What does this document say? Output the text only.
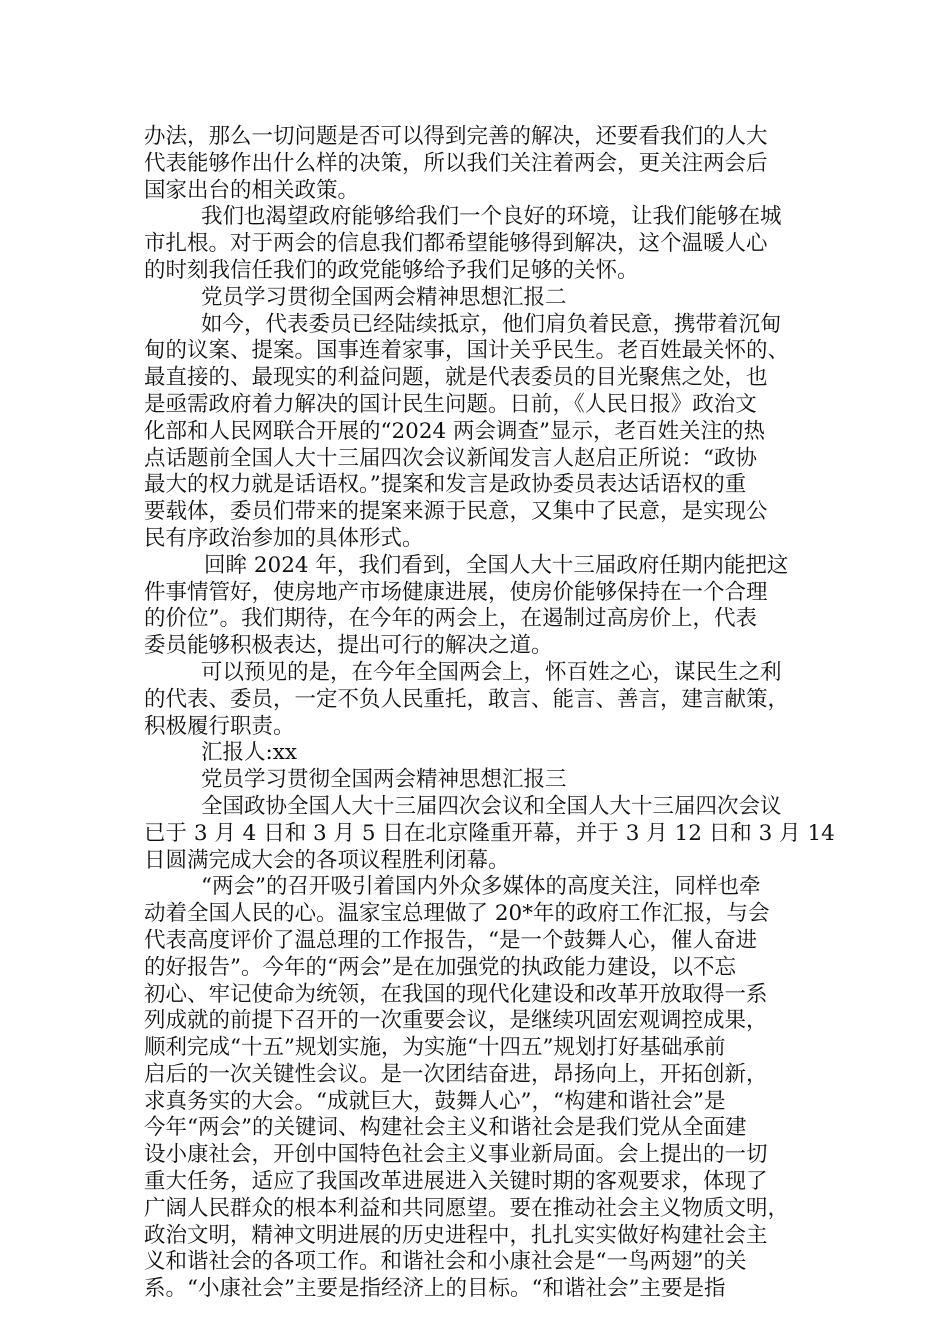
办法，那么一切问题是否可以得到完善的解决，还要看我们的人大
代表能够作出什么样的决策，所以我们关注着两会，更关注两会后
国家出台的相关政策。
我们也渴望政府能够给我们一个良好的环境，让我们能够在城
市扎根。对于两会的信息我们都希望能够得到解决，这个温暖人心
的时刻我信任我们的政党能够给予我们足够的关怀。
党员学习贯彻全国两会精神思想汇报二
如今，代表委员已经陆续抵京，他们肩负着民意，携带着沉甸
甸的议案、提案。国事连着家事，国计关乎民生。老百姓最关怀的、
最直接的、最现实的利益问题，就是代表委员的目光聚焦之处，也
是亟需政府着力解决的国计民生问题。日前，《人民日报》政治文
化部和人民网联合开展的“2024 两会调查”显示，老百姓关注的热
点话题前全国人大十三届四次会议新闻发言人赵启正所说：“政协
最大的权力就是话语权。”提案和发言是政协委员表达话语权的重
要载体，委员们带来的提案来源于民意，又集中了民意，是实现公
民有序政治参加的具体形式。
回眸 2024 年，我们看到，全国人大十三届政府任期内能把这
件事情管好，使房地产市场健康进展，使房价能够保持在一个合理
的价位”。我们期待，在今年的两会上，在遏制过高房价上，代表
委员能够积极表达，提出可行的解决之道。
可以预见的是，在今年全国两会上，怀百姓之心，谋民生之利
的代表、委员，一定不负人民重托，敢言、能言、善言，建言献策，
积极履行职责。
汇报人:xx
党员学习贯彻全国两会精神思想汇报三
全国政协全国人大十三届四次会议和全国人大十三届四次会议
已于 3 月 4 日和 3 月 5 日在北京隆重开幕，并于 3 月 12 日和 3 月 14
日圆满完成大会的各项议程胜利闭幕。
“两会”的召开吸引着国内外众多媒体的高度关注，同样也牵
动着全国人民的心。温家宝总理做了 20*年的政府工作汇报，与会
代表高度评价了温总理的工作报告，“是一个鼓舞人心，催人奋进
的好报告”。今年的“两会”是在加强党的执政能力建设，以不忘
初心、牢记使命为统领，在我国的现代化建设和改革开放取得一系
列成就的前提下召开的一次重要会议，是继续巩固宏观调控成果，
顺利完成“十五”规划实施，为实施“十四五”规划打好基础承前
启后的一次关键性会议。是一次团结奋进，昂扬向上，开拓创新，
求真务实的大会。“成就巨大，鼓舞人心”，“构建和谐社会”是
今年“两会”的关键词、构建社会主义和谐社会是我们党从全面建
设小康社会，开创中国特色社会主义事业新局面。会上提出的一切
重大任务，适应了我国改革进展进入关键时期的客观要求，体现了
广阔人民群众的根本利益和共同愿望。要在推动社会主义物质文明，
政治文明，精神文明进展的历史进程中，扎扎实实做好构建社会主
义和谐社会的各项工作。和谐社会和小康社会是“一鸟两翅”的关
系。“小康社会”主要是指经济上的目标。“和谐社会”主要是指
